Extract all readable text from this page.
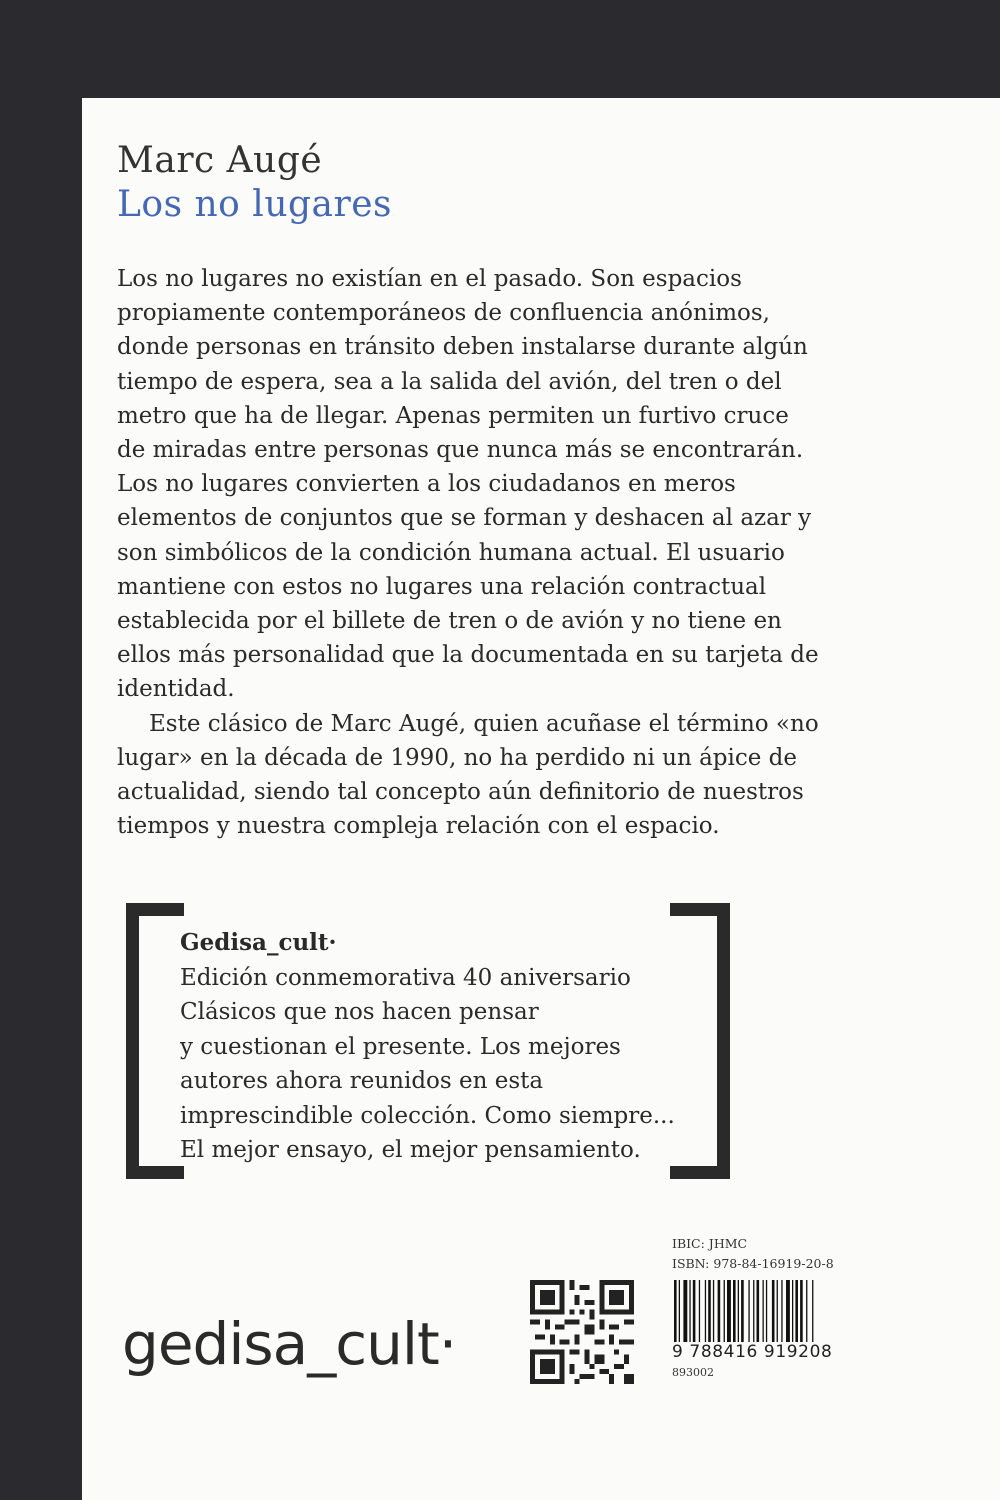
Marc Augé
Los no lugares
Los no lugares no existían en el pasado. Son espacios
propiamente contemporáneos de confluencia anónimos,
donde personas en tránsito deben instalarse durante algún
tiempo de espera, sea a la salida del avión, del tren o del
metro que ha de llegar. Apenas permiten un furtivo cruce
de miradas entre personas que nunca más se encontrarán.
Los no lugares convierten a los ciudadanos en meros
elementos de conjuntos que se forman y deshacen al azar y
son simbólicos de la condición humana actual. El usuario
mantiene con estos no lugares una relación contractual
establecida por el billete de tren o de avión y no tiene en
ellos más personalidad que la documentada en su tarjeta de
identidad.
Este clásico de Marc Augé, quien acuñase el término «no
lugar» en la década de 1990, no ha perdido ni un ápice de
actualidad, siendo tal concepto aún definitorio de nuestros
tiempos y nuestra compleja relación con el espacio.
Gedisa_cult·
Edición conmemorativa 40 aniversario
Clásicos que nos hacen pensar
y cuestionan el presente. Los mejores
autores ahora reunidos en esta
imprescindible colección. Como siempre...
El mejor ensayo, el mejor pensamiento.
gedisa_cult·
IBIC: JHMC
ISBN: 978-84-16919-20-8
9 788416 919208
893002
